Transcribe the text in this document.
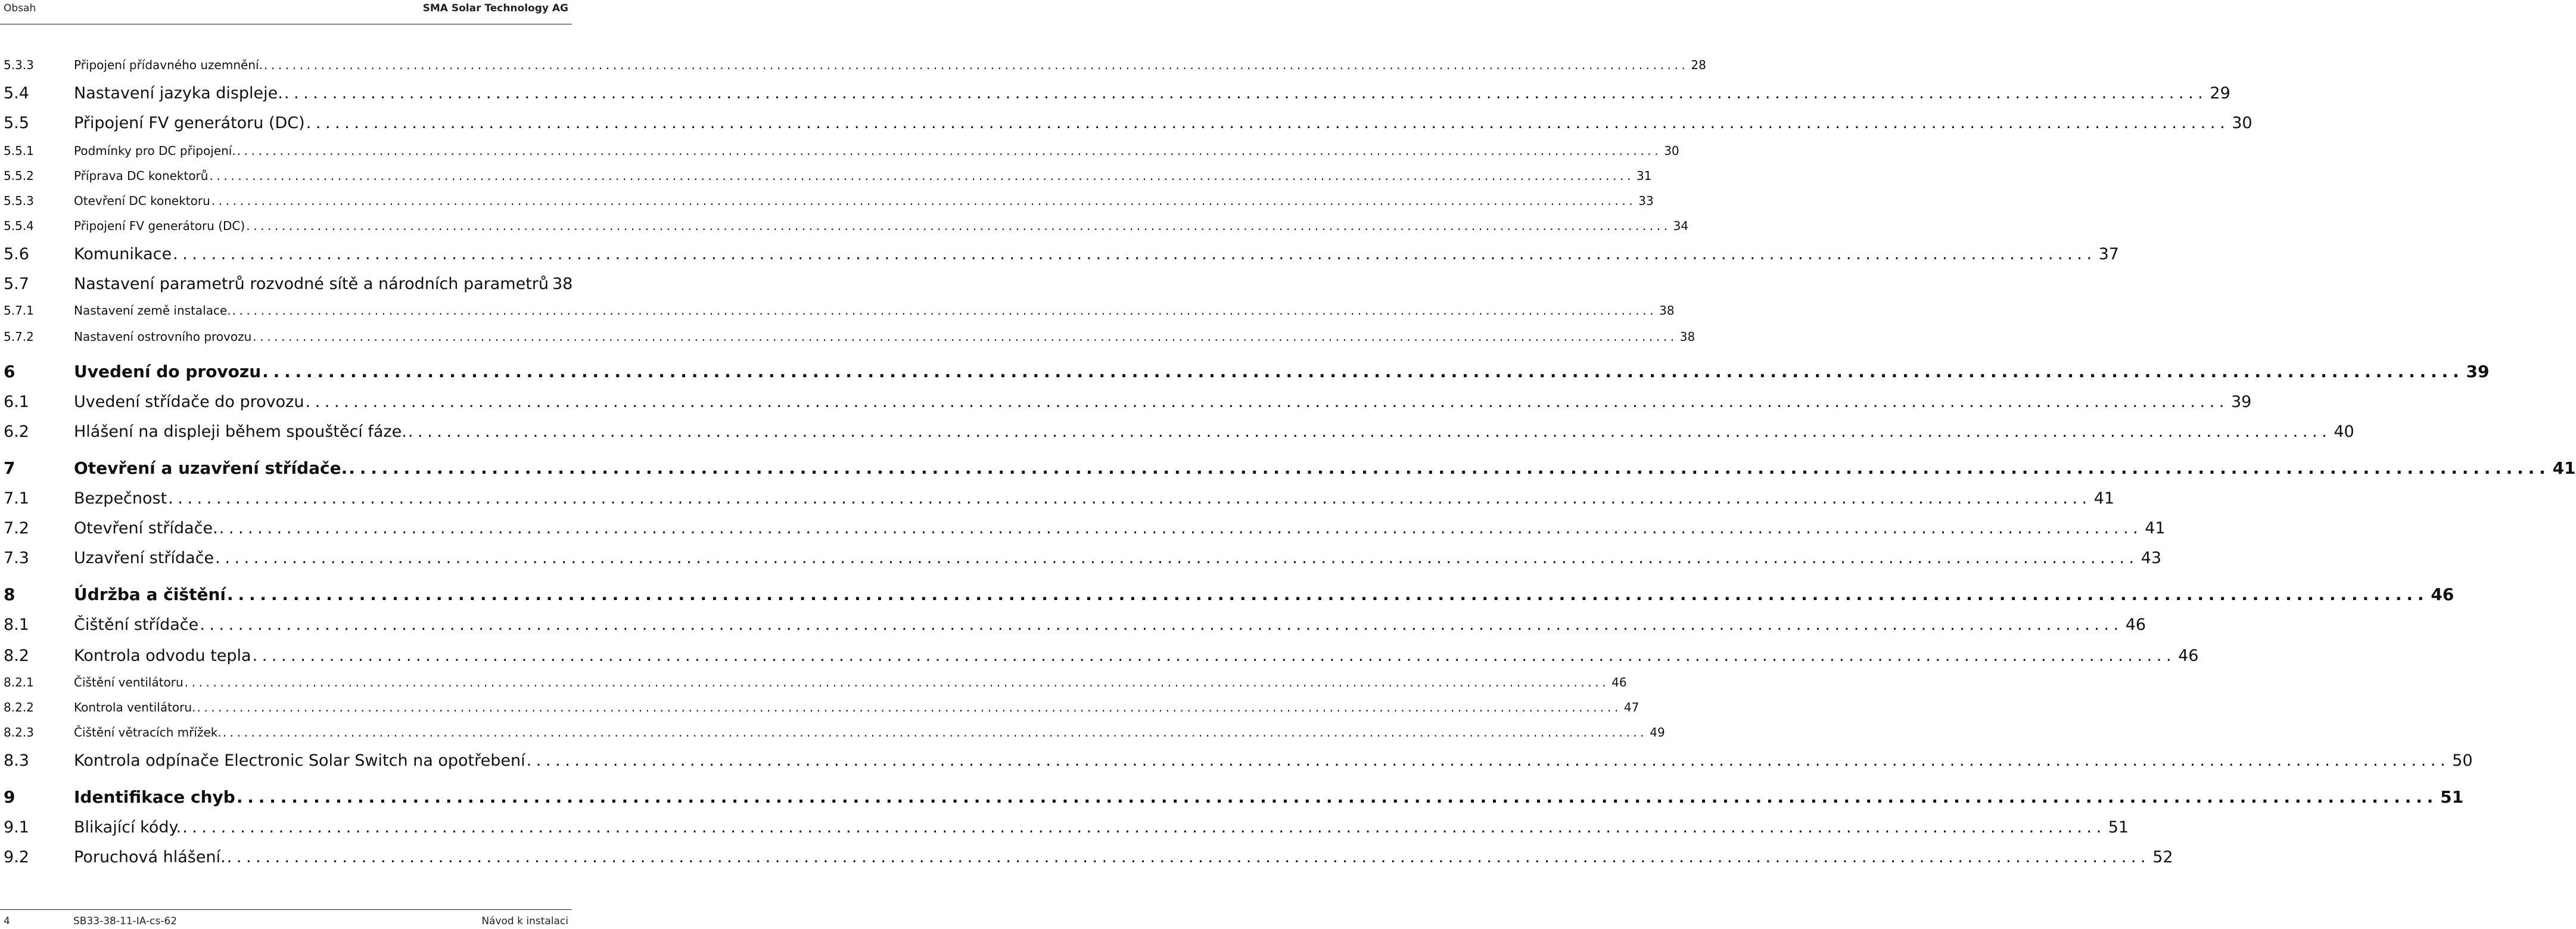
Obsah	SMA Solar Technology AG
5.3.3	Připojení přídavného uzemnění. ........................................................................................................................................................................................................ 28
5.4	Nastavení jazyka displeje. ........................................................................................................................................................................................................ 29
5.5	Připojení FV generátoru (DC) ........................................................................................................................................................................................................ 30
5.5.1	Podmínky pro DC připojení. ........................................................................................................................................................................................................ 30
5.5.2	Příprava DC konektorů ........................................................................................................................................................................................................ 31
5.5.3	Otevření DC konektoru ........................................................................................................................................................................................................ 33
5.5.4	Připojení FV generátoru (DC) ........................................................................................................................................................................................................ 34
5.6	Komunikace ........................................................................................................................................................................................................ 37
5.7	Nastavení parametrů rozvodné sítě a národních parametrů 38
5.7.1	Nastavení země instalace. ........................................................................................................................................................................................................ 38
5.7.2	Nastavení ostrovního provozu ........................................................................................................................................................................................................ 38
6	Uvedení do provozu ........................................................................................................................................................................................................ 39
6.1	Uvedení střídače do provozu ........................................................................................................................................................................................................ 39
6.2	Hlášení na displeji během spouštěcí fáze. ........................................................................................................................................................................................................ 40
7	Otevření a uzavření střídače. ........................................................................................................................................................................................................ 41
7.1	Bezpečnost ........................................................................................................................................................................................................ 41
7.2	Otevření střídače. ........................................................................................................................................................................................................ 41
7.3	Uzavření střídače ........................................................................................................................................................................................................ 43
8	Údržba a čištění ........................................................................................................................................................................................................ 46
8.1	Čištění střídače ........................................................................................................................................................................................................ 46
8.2	Kontrola odvodu tepla ........................................................................................................................................................................................................ 46
8.2.1	Čištění ventilátoru ........................................................................................................................................................................................................ 46
8.2.2	Kontrola ventilátoru. ........................................................................................................................................................................................................ 47
8.2.3	Čištění větracích mřížek. ........................................................................................................................................................................................................ 49
8.3	Kontrola odpínače Electronic Solar Switch na opotřebení ........................................................................................................................................................................................................ 50
9	Identifikace chyb ........................................................................................................................................................................................................ 51
9.1	Blikající kódy. ........................................................................................................................................................................................................ 51
9.2	Poruchová hlášení. ........................................................................................................................................................................................................ 52
4	SB33-38-11-IA-cs-62	Návod k instalaci
